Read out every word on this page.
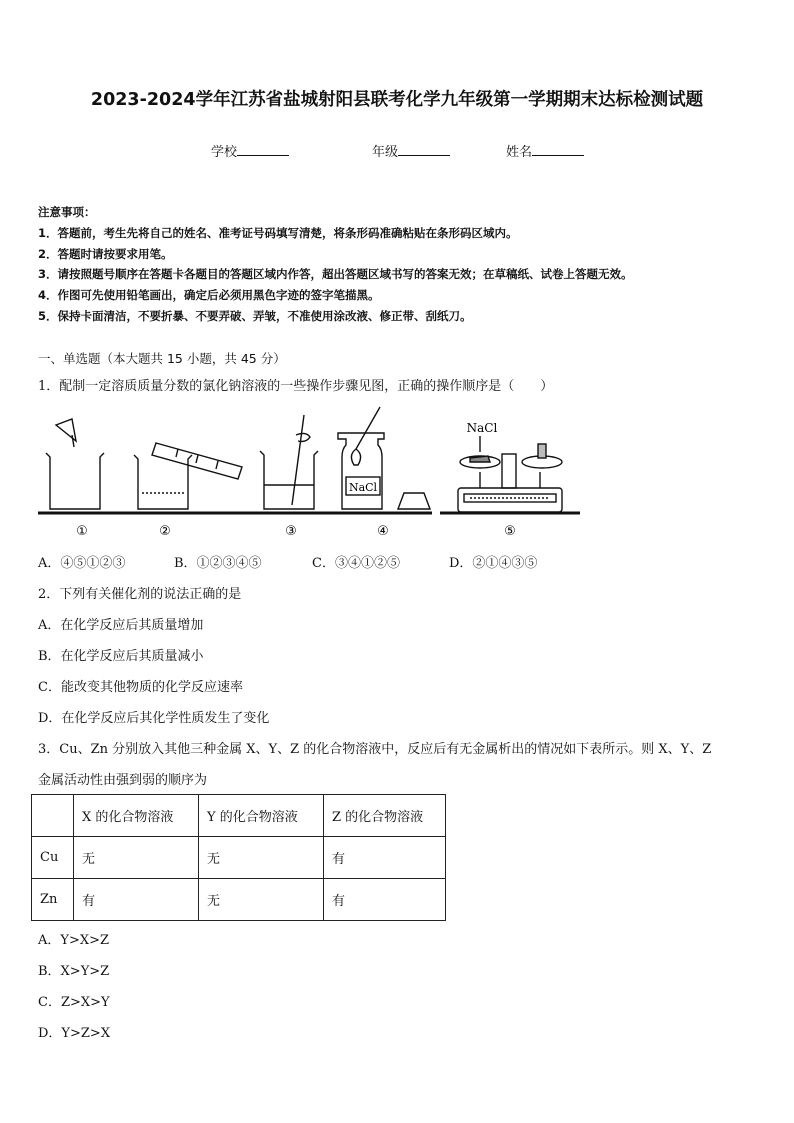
2023-2024学年江苏省盐城射阳县联考化学九年级第一学期期末达标检测试题
学校	年级	姓名
注意事项：
1．答题前，考生先将自己的姓名、准考证号码填写清楚，将条形码准确粘贴在条形码区域内。
2．答题时请按要求用笔。
3．请按照题号顺序在答题卡各题目的答题区域内作答，超出答题区域书写的答案无效；在草稿纸、试卷上答题无效。
4．作图可先使用铅笔画出，确定后必须用黑色字迹的签字笔描黑。
5．保持卡面清洁，不要折暴、不要弄破、弄皱，不准使用涂改液、修正带、刮纸刀。
一、单选题（本大题共 15 小题，共 45 分）
1．配制一定溶质质量分数的氯化钠溶液的一些操作步骤见图，正确的操作顺序是（　　）
NaCl
①	②	③	④
NaCl
⑤
A．④⑤①②③	B．①②③④⑤	C．③④①②⑤	D．②①④③⑤
2．下列有关催化剂的说法正确的是
A．在化学反应后其质量增加
B．在化学反应后其质量减小
C．能改变其他物质的化学反应速率
D．在化学反应后其化学性质发生了变化
3．Cu、Zn 分别放入其他三种金属 X、Y、Z 的化合物溶液中，反应后有无金属析出的情况如下表所示。则 X、Y、Z
金属活动性由强到弱的顺序为
	X 的化合物溶液	Y 的化合物溶液	Z 的化合物溶液
Cu	无	无	有
Zn	有	无	有
A．Y>X>Z
B．X>Y>Z
C．Z>X>Y
D．Y>Z>X
